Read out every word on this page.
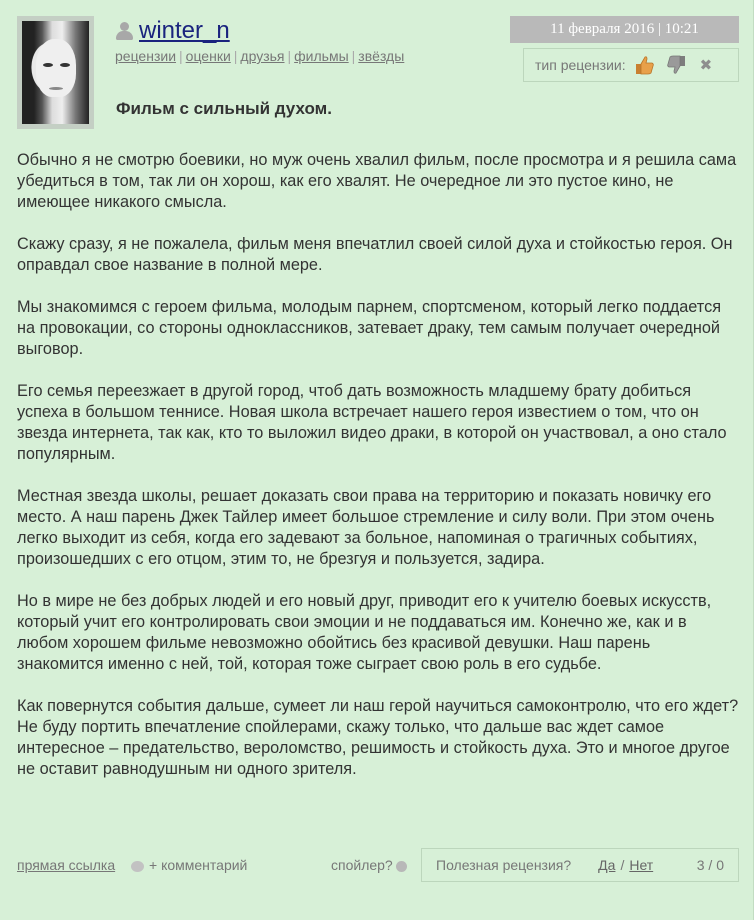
winter_n
рецензии | оценки | друзья | фильмы | звёзды
11 февраля 2016 | 10:21
тип рецензии:	✖
Фильм с сильный духом.

Обычно я не смотрю боевики, но муж очень хвалил фильм, после просмотра и я решила сама убедиться в том, так ли он хорош, как его хвалят. Не очередное ли это пустое кино, не имеющее никакого смысла.

Скажу сразу, я не пожалела, фильм меня впечатлил своей силой духа и стойкостью героя. Он оправдал свое название в полной мере.

Мы знакомимся с героем фильма, молодым парнем, спортсменом, который легко поддается на провокации, со стороны одноклассников, затевает драку, тем самым получает очередной выговор.

Его семья переезжает в другой город, чтоб дать возможность младшему брату добиться успеха в большом теннисе. Новая школа встречает нашего героя известием о том, что он звезда интернета, так как, кто то выложил видео драки, в которой он участвовал, а оно стало популярным.

Местная звезда школы, решает доказать свои права на территорию и показать новичку его место. А наш парень Джек Тайлер имеет большое стремление и силу воли. При этом очень легко выходит из себя, когда его задевают за больное, напоминая о трагичных событиях, произошедших с его отцом, этим то, не брезгуя и пользуется, задира.

Но в мире не без добрых людей и его новый друг, приводит его к учителю боевых искусств, который учит его контролировать свои эмоции и не поддаваться им. Конечно же, как и в любом хорошем фильме невозможно обойтись без красивой девушки. Наш парень знакомится именно с ней, той, которая тоже сыграет свою роль в его судьбе.

Как повернутся события дальше, сумеет ли наш герой научиться самоконтролю, что его ждет? Не буду портить впечатление спойлерами, скажу только, что дальше вас ждет самое интересное – предательство, вероломство, решимость и стойкость духа. Это и многое другое не оставит равнодушным ни одного зрителя.

прямая ссылка + комментарий	спойлер?	Полезная рецензия? Да / Нет	3 / 0
